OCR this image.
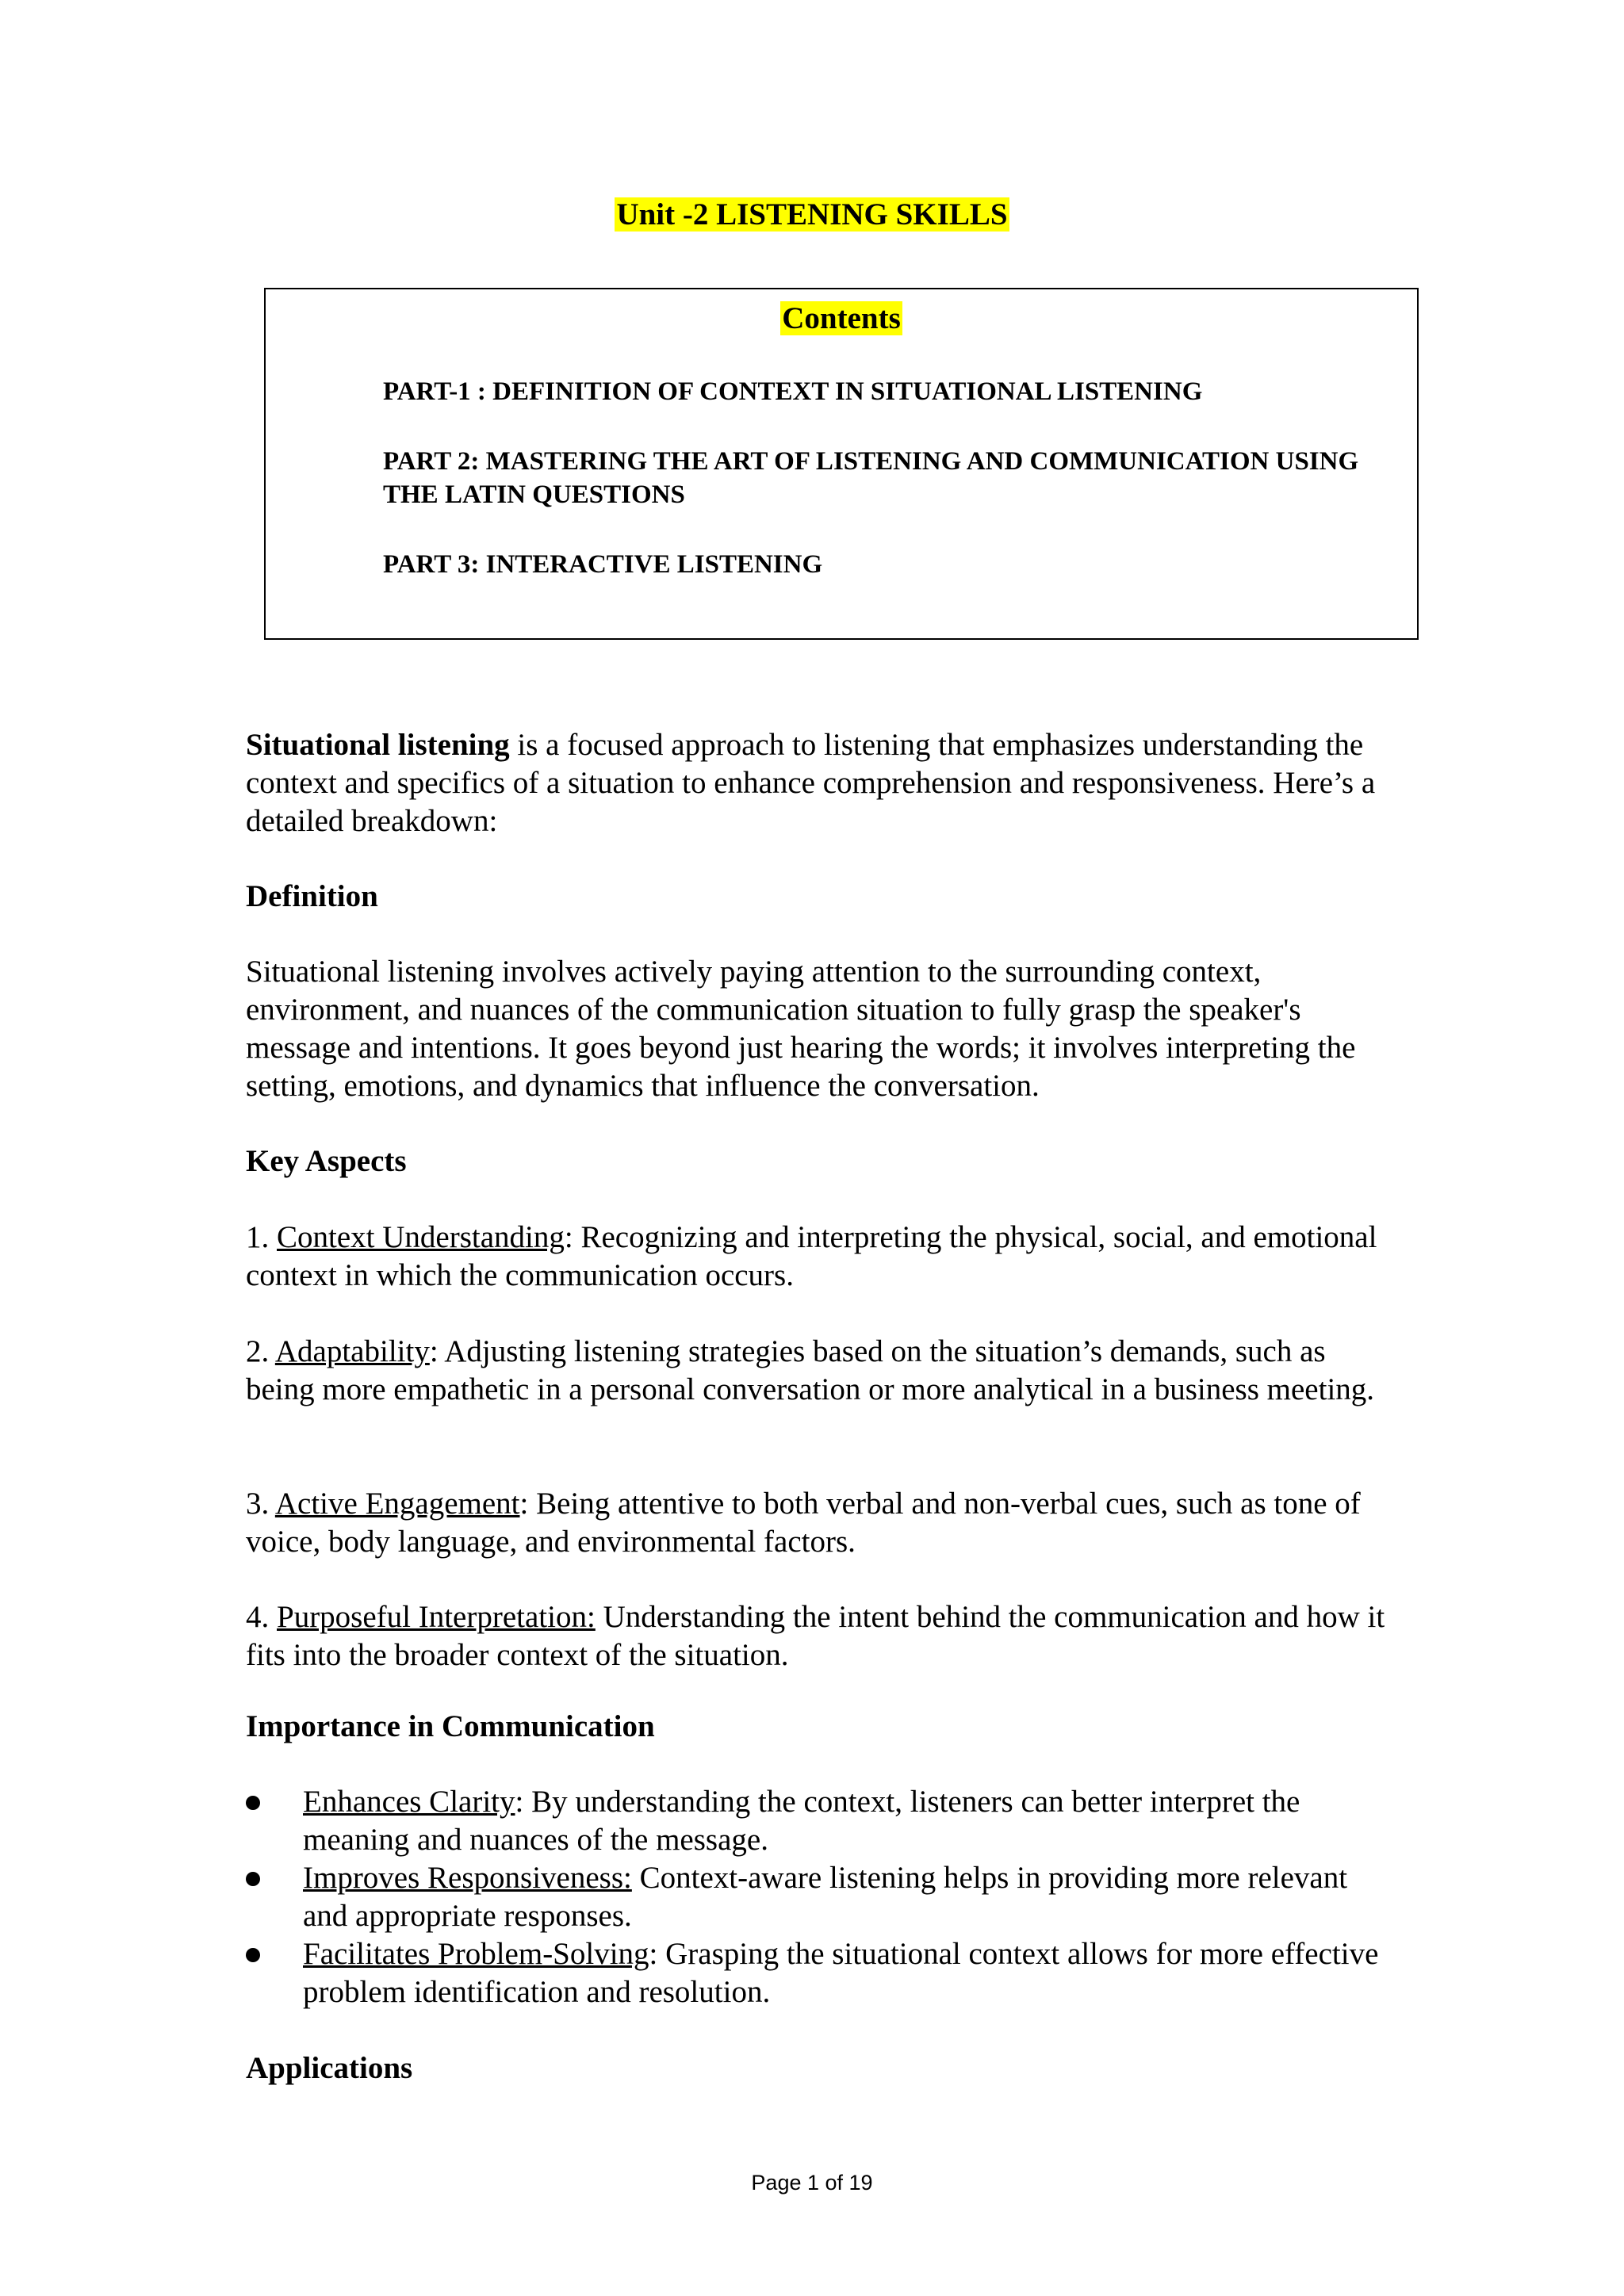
Unit -2 LISTENING SKILLS
Contents
PART-1 : DEFINITION OF CONTEXT IN SITUATIONAL LISTENING
PART 2: MASTERING THE ART OF LISTENING AND COMMUNICATION USING THE LATIN QUESTIONS
PART 3: INTERACTIVE LISTENING
Situational listening is a focused approach to listening that emphasizes understanding the context and specifics of a situation to enhance comprehension and responsiveness. Here’s a detailed breakdown:
Definition
Situational listening involves actively paying attention to the surrounding context, environment, and nuances of the communication situation to fully grasp the speaker's message and intentions. It goes beyond just hearing the words; it involves interpreting the setting, emotions, and dynamics that influence the conversation.
Key Aspects
1. Context Understanding: Recognizing and interpreting the physical, social, and emotional context in which the communication occurs.
2. Adaptability: Adjusting listening strategies based on the situation’s demands, such as being more empathetic in a personal conversation or more analytical in a business meeting.
3. Active Engagement: Being attentive to both verbal and non-verbal cues, such as tone of voice, body language, and environmental factors.
4. Purposeful Interpretation: Understanding the intent behind the communication and how it fits into the broader context of the situation.
Importance in Communication
Enhances Clarity: By understanding the context, listeners can better interpret the meaning and nuances of the message.
Improves Responsiveness: Context-aware listening helps in providing more relevant and appropriate responses.
Facilitates Problem-Solving: Grasping the situational context allows for more effective problem identification and resolution.
Applications
Page 1 of 19
